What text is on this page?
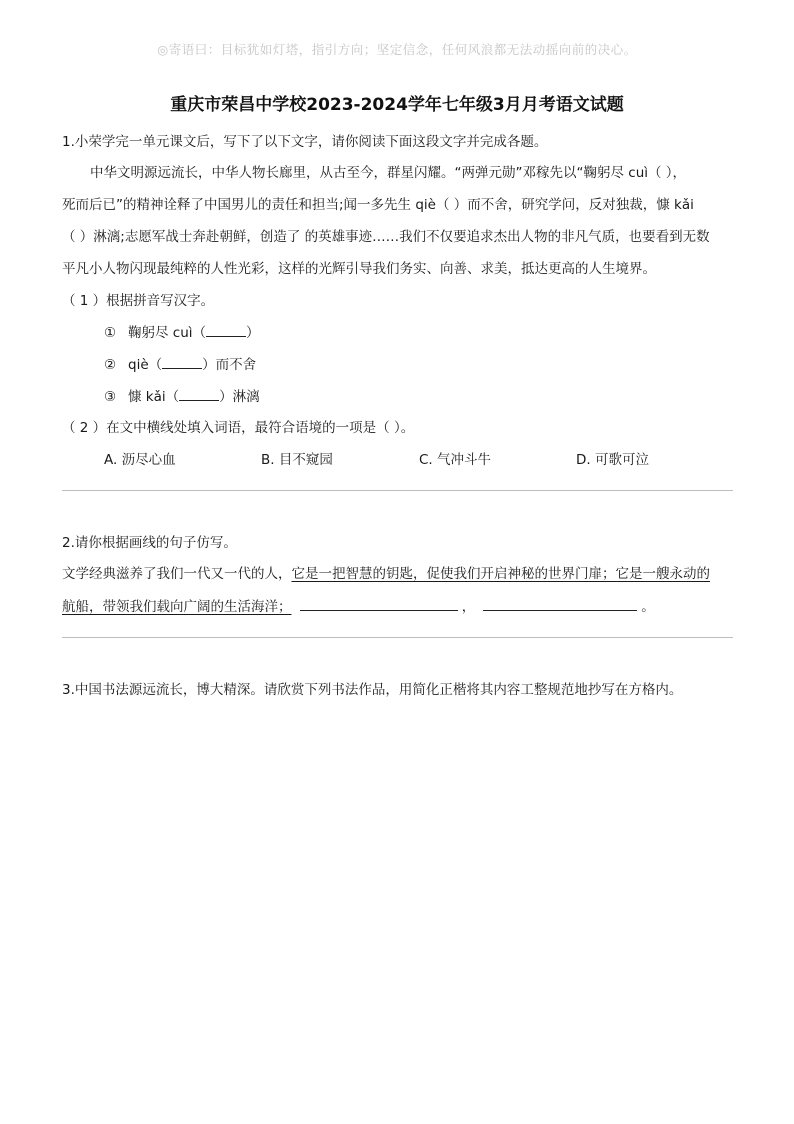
◎寄语曰：目标犹如灯塔，指引方向；坚定信念，任何风浪都无法动摇向前的决心。
重庆市荣昌中学校2023-2024学年七年级3月月考语文试题
1.小荣学完一单元课文后，写下了以下文字，请你阅读下面这段文字并完成各题。
中华文明源远流长，中华人物长廊里，从古至今，群星闪耀。“两弹元勋”邓稼先以“鞠躬尽 cuì（ ），
死而后已”的精神诠释了中国男儿的责任和担当;闻一多先生 qiè（ ）而不舍，研究学问，反对独裁，慷 kǎi
（ ）淋漓;志愿军战士奔赴朝鲜，创造了 的英雄事迹……我们不仅要追求杰出人物的非凡气质，也要看到无数
平凡小人物闪现最纯粹的人性光彩，这样的光辉引导我们务实、向善、求美，抵达更高的人生境界。
（ 1 ）根据拼音写汉字。
① 鞠躬尽 cuì（	）
② qiè（	）而不舍
③ 慷 kǎi（	）淋漓
（ 2 ）在文中横线处填入词语，最符合语境的一项是（ ）。
A. 沥尽心血	B. 目不窥园	C. 气冲斗牛	D. 可歌可泣
2.请你根据画线的句子仿写。
文学经典滋养了我们一代又一代的人，它是一把智慧的钥匙，促使我们开启神秘的世界门扉；它是一艘永动的
航船，带领我们载向广阔的生活海洋；	，	。
3.中国书法源远流长，博大精深。请欣赏下列书法作品，用简化正楷将其内容工整规范地抄写在方格内。
